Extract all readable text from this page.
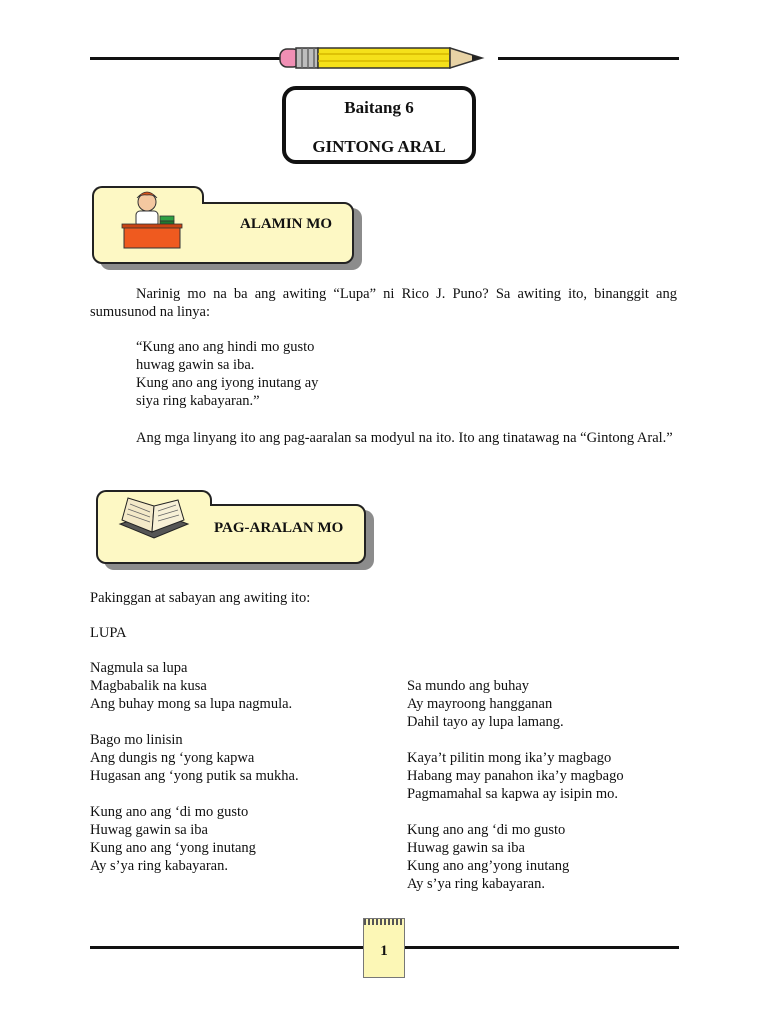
Baitang 6
GINTONG ARAL
ALAMIN MO
Narinig mo na ba ang awiting “Lupa” ni Rico J. Puno? Sa awiting ito, binanggit ang sumusunod na linya:
“Kung ano ang hindi mo gusto
huwag gawin sa iba.
Kung ano ang iyong inutang ay
siya ring kabayaran.”
Ang mga linyang ito ang pag-aaralan sa modyul na ito. Ito ang tinatawag na “Gintong Aral.”
PAG-ARALAN MO
Pakinggan at sabayan ang awiting ito:
LUPA
Nagmula sa lupa
Magbabalik na kusa
Ang buhay mong sa lupa nagmula.
Bago mo linisin
Ang dungis ng ‘yong kapwa
Hugasan ang ‘yong putik sa mukha.
Kung ano ang ‘di mo gusto
Huwag gawin sa iba
Kung ano ang ‘yong inutang
Ay s’ya ring kabayaran.
Sa mundo ang buhay
Ay mayroong hangganan
Dahil tayo ay lupa lamang.
Kaya’t pilitin mong ika’y magbago
Habang may panahon ika’y magbago
Pagmamahal sa kapwa ay isipin mo.
Kung ano ang ‘di mo gusto
Huwag gawin sa iba
Kung ano ang’yong inutang
Ay s’ya ring kabayaran.
1
